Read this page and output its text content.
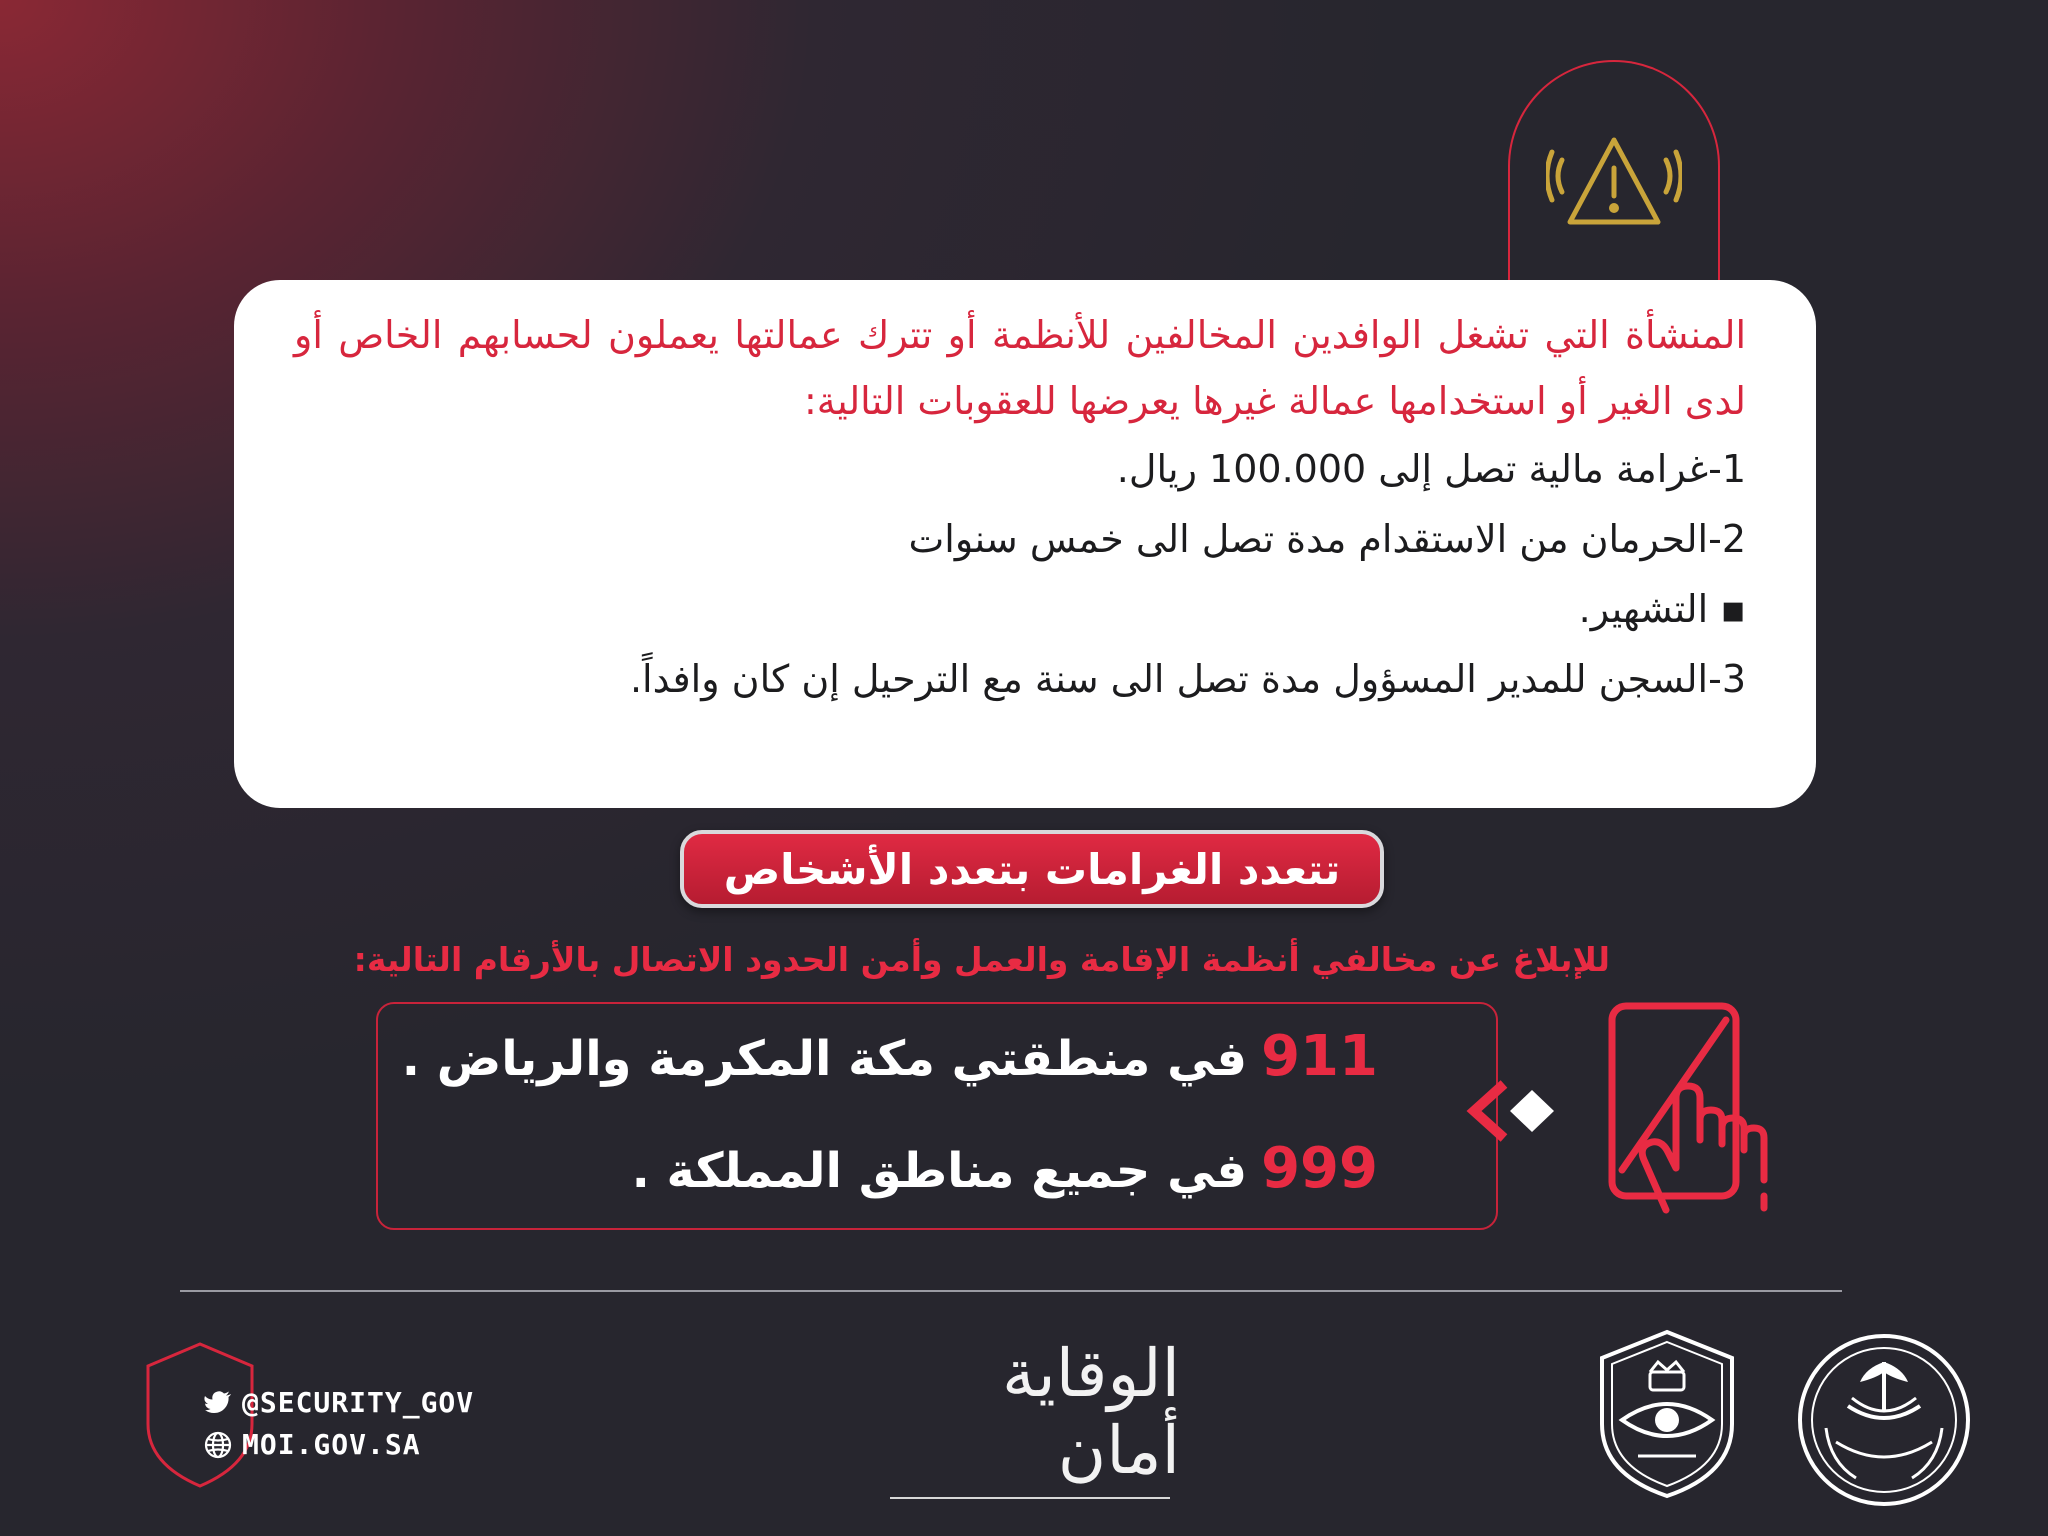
المنشأة التي تشغل الوافدين المخالفين للأنظمة أو تترك عمالتها يعملون لحسابهم الخاص أو لدى الغير أو استخدامها عمالة غيرها يعرضها للعقوبات التالية:
1-غرامة مالية تصل إلى 100.000 ريال.
2-الحرمان من الاستقدام مدة تصل الى خمس سنوات
▪ التشهير.
3-السجن للمدير المسؤول مدة تصل الى سنة مع الترحيل إن كان وافداً.
تتعدد الغرامات بتعدد الأشخاص
للإبلاغ عن مخالفي أنظمة الإقامة والعمل وأمن الحدود الاتصال بالأرقام التالية:
911في منطقتي مكة المكرمة والرياض .
999في جميع مناطق المملكة .
@SECURITY_GOV
MOI.GOV.SA
الوقاية أمان
